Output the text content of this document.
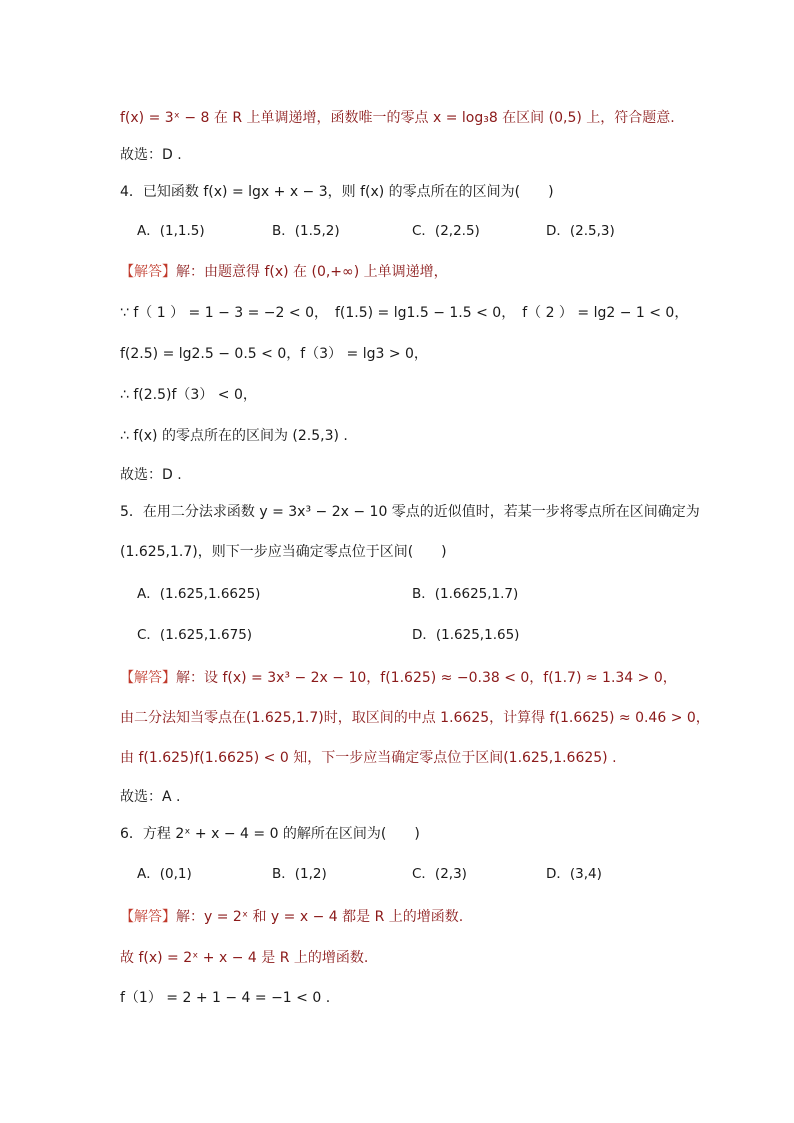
f(x) = 3ˣ − 8 在 R 上单调递增，函数唯一的零点 x = log₃8 在区间 (0,5) 上，符合题意.
故选：D .
4．已知函数 f(x) = lgx + x − 3，则 f(x) 的零点所在的区间为(　　)
A．(1,1.5)	B．(1.5,2)	C．(2,2.5)	D．(2.5,3)
【解答】解：由题意得 f(x) 在 (0,+∞) 上单调递增，
∵ f（ 1 ） = 1 − 3 = −2 < 0，　f(1.5) = lg1.5 − 1.5 < 0，　f（ 2 ） = lg2 − 1 < 0，
f(2.5) = lg2.5 − 0.5 < 0，f（3） = lg3 > 0，
∴ f(2.5)f（3） < 0，
∴ f(x) 的零点所在的区间为 (2.5,3) .
故选：D .
5．在用二分法求函数 y = 3x³ − 2x − 10 零点的近似值时，若某一步将零点所在区间确定为
(1.625,1.7)，则下一步应当确定零点位于区间(　　)
A．(1.625,1.6625)	B．(1.6625,1.7)
C．(1.625,1.675)	D．(1.625,1.65)
【解答】解：设 f(x) = 3x³ − 2x − 10，f(1.625) ≈ −0.38 < 0，f(1.7) ≈ 1.34 > 0，
由二分法知当零点在(1.625,1.7)时，取区间的中点 1.6625，计算得 f(1.6625) ≈ 0.46 > 0，
由 f(1.625)f(1.6625) < 0 知，下一步应当确定零点位于区间(1.625,1.6625) .
故选：A .
6．方程 2ˣ + x − 4 = 0 的解所在区间为(　　)
A．(0,1)	B．(1,2)	C．(2,3)	D．(3,4)
【解答】解：y = 2ˣ 和 y = x − 4 都是 R 上的增函数.
故 f(x) = 2ˣ + x − 4 是 R 上的增函数.
f（1） = 2 + 1 − 4 = −1 < 0 .
